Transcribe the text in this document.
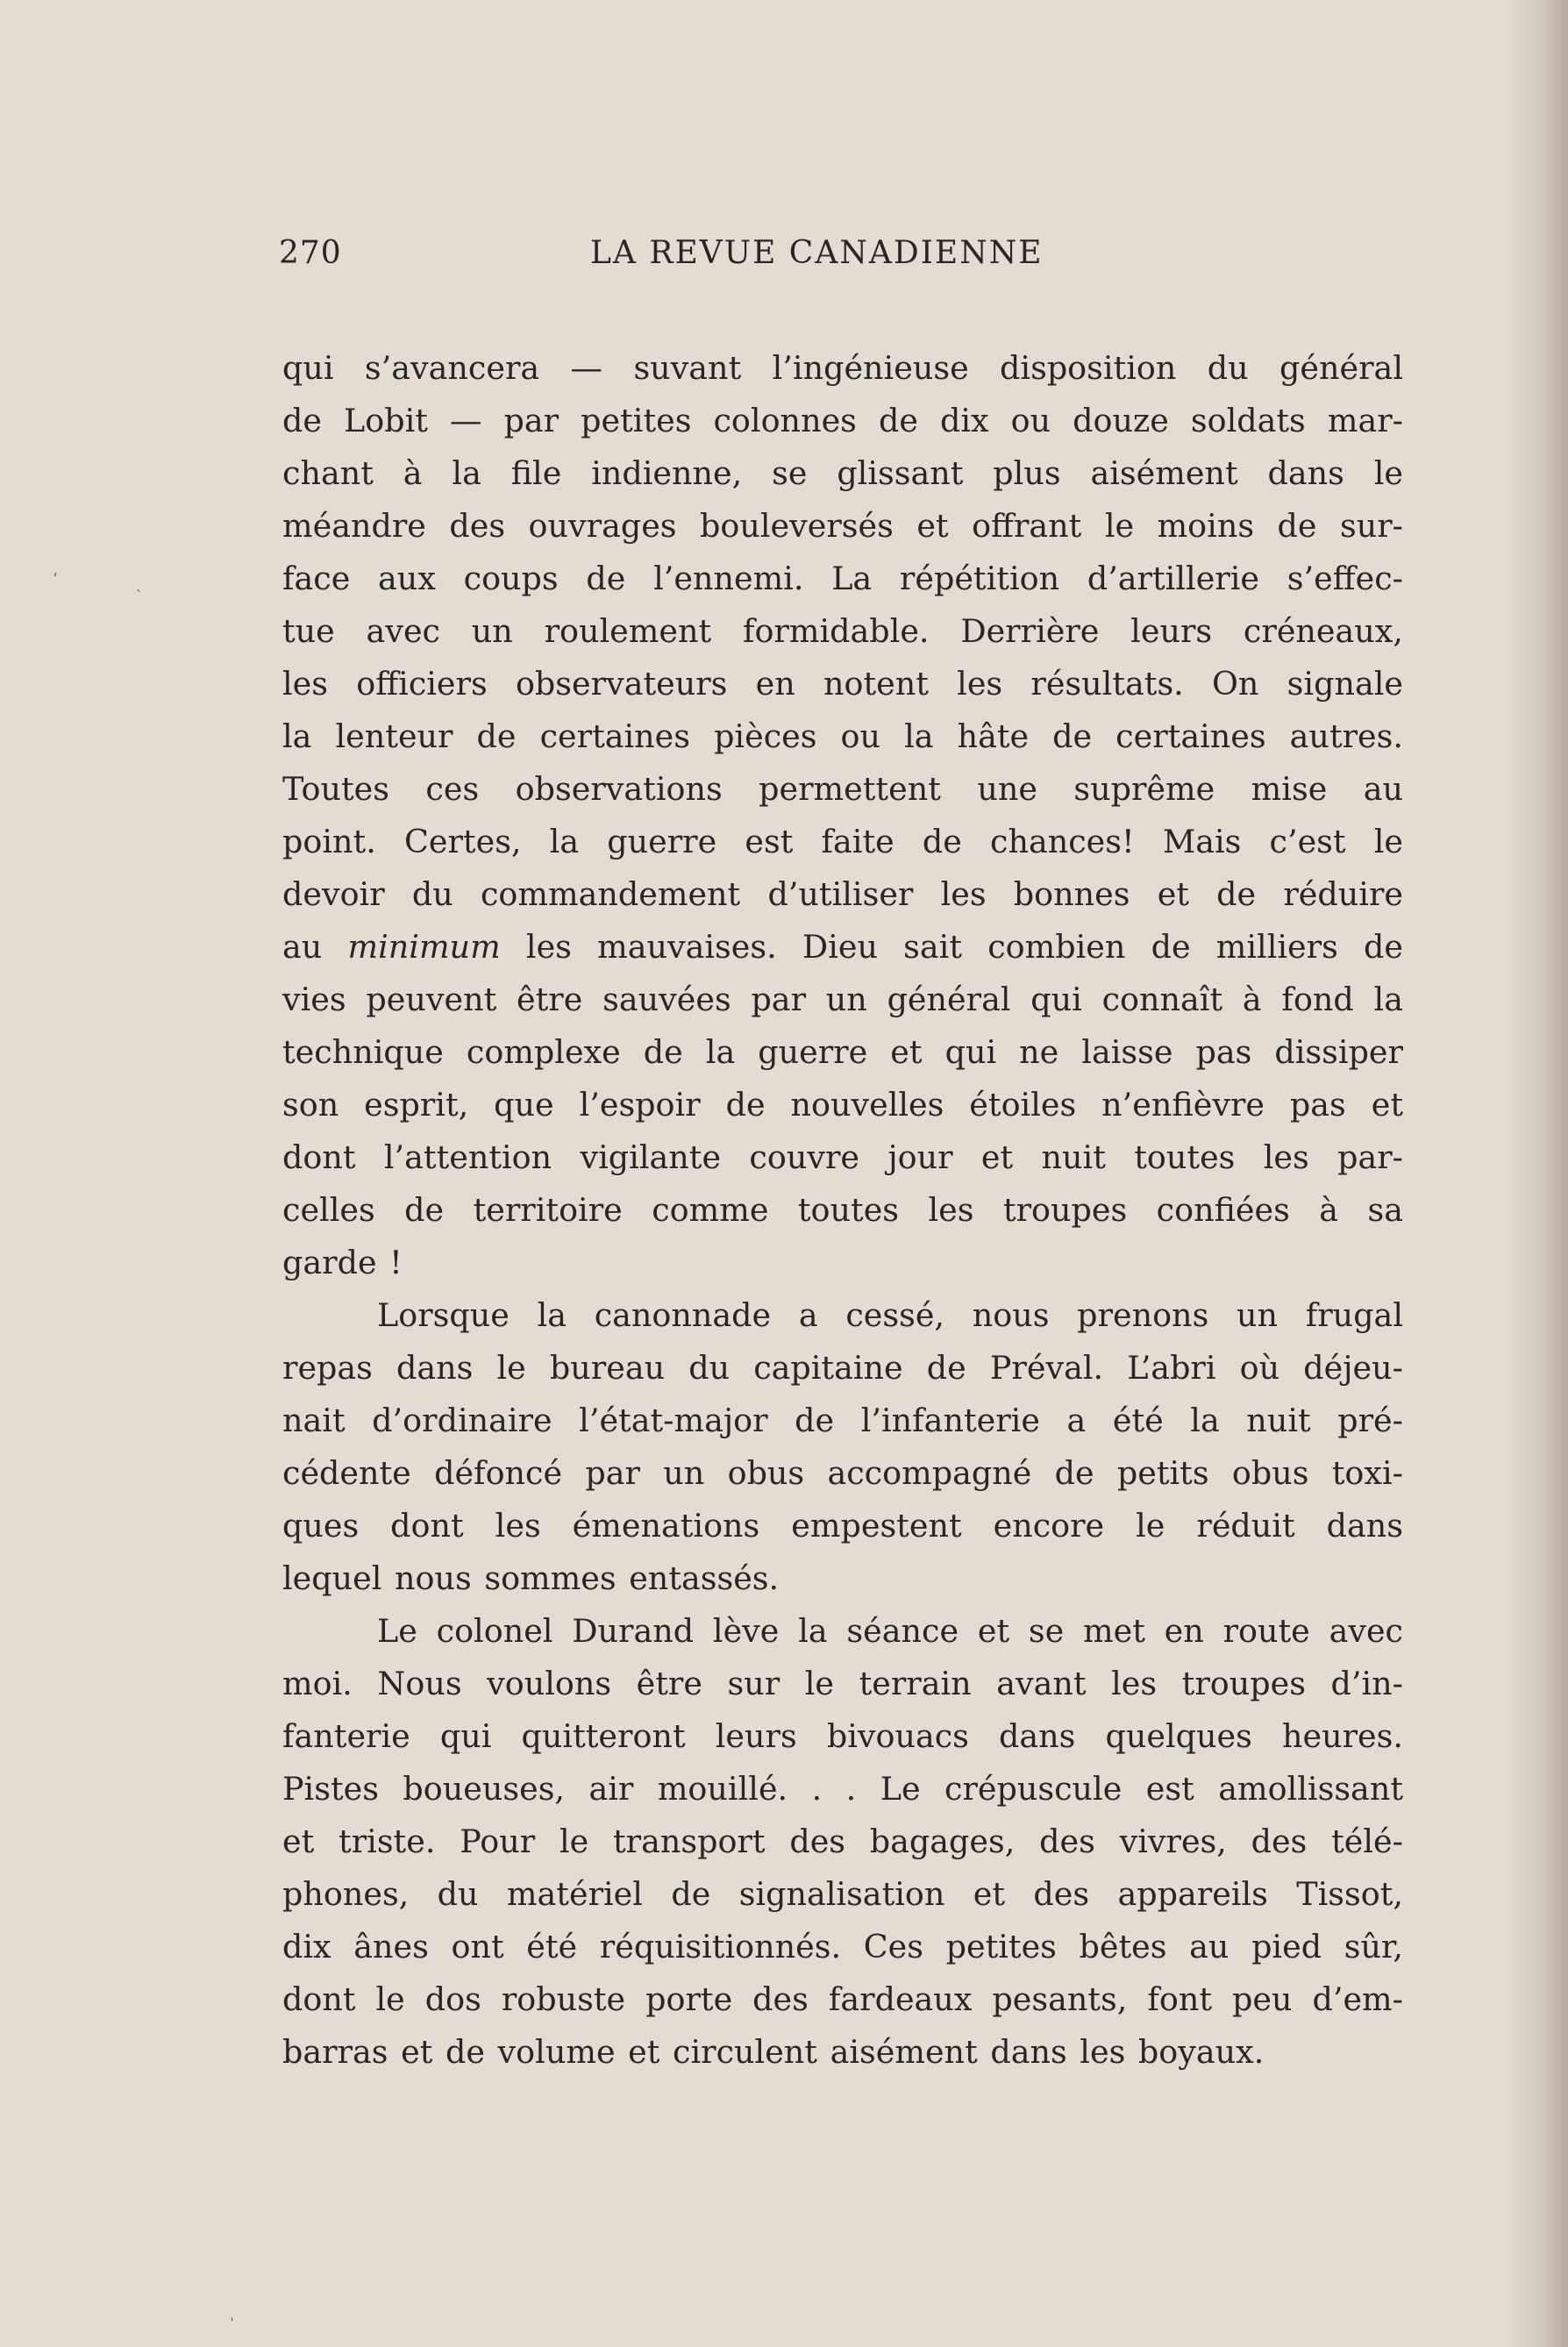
270	LA REVUE CANADIENNE
qui s’avancera — suvant l’ingénieuse disposition du général
de Lobit — par petites colonnes de dix ou douze soldats mar-
chant à la file indienne, se glissant plus aisément dans le
méandre des ouvrages bouleversés et offrant le moins de sur-
face aux coups de l’ennemi. La répétition d’artillerie s’effec-
tue avec un roulement formidable. Derrière leurs créneaux,
les officiers observateurs en notent les résultats. On signale
la lenteur de certaines pièces ou la hâte de certaines autres.
Toutes ces observations permettent une suprême mise au
point. Certes, la guerre est faite de chances! Mais c’est le
devoir du commandement d’utiliser les bonnes et de réduire
au minimum les mauvaises. Dieu sait combien de milliers de
vies peuvent être sauvées par un général qui connaît à fond la
technique complexe de la guerre et qui ne laisse pas dissiper
son esprit, que l’espoir de nouvelles étoiles n’enfièvre pas et
dont l’attention vigilante couvre jour et nuit toutes les par-
celles de territoire comme toutes les troupes confiées à sa
garde !
Lorsque la canonnade a cessé, nous prenons un frugal
repas dans le bureau du capitaine de Préval. L’abri où déjeu-
nait d’ordinaire l’état-major de l’infanterie a été la nuit pré-
cédente défoncé par un obus accompagné de petits obus toxi-
ques dont les émenations empestent encore le réduit dans
lequel nous sommes entassés.
Le colonel Durand lève la séance et se met en route avec
moi. Nous voulons être sur le terrain avant les troupes d’in-
fanterie qui quitteront leurs bivouacs dans quelques heures.
Pistes boueuses, air mouillé. . . Le crépuscule est amollissant
et triste. Pour le transport des bagages, des vivres, des télé-
phones, du matériel de signalisation et des appareils Tissot,
dix ânes ont été réquisitionnés. Ces petites bêtes au pied sûr,
dont le dos robuste porte des fardeaux pesants, font peu d’em-
barras et de volume et circulent aisément dans les boyaux.
‘	ˎ
ˈ
